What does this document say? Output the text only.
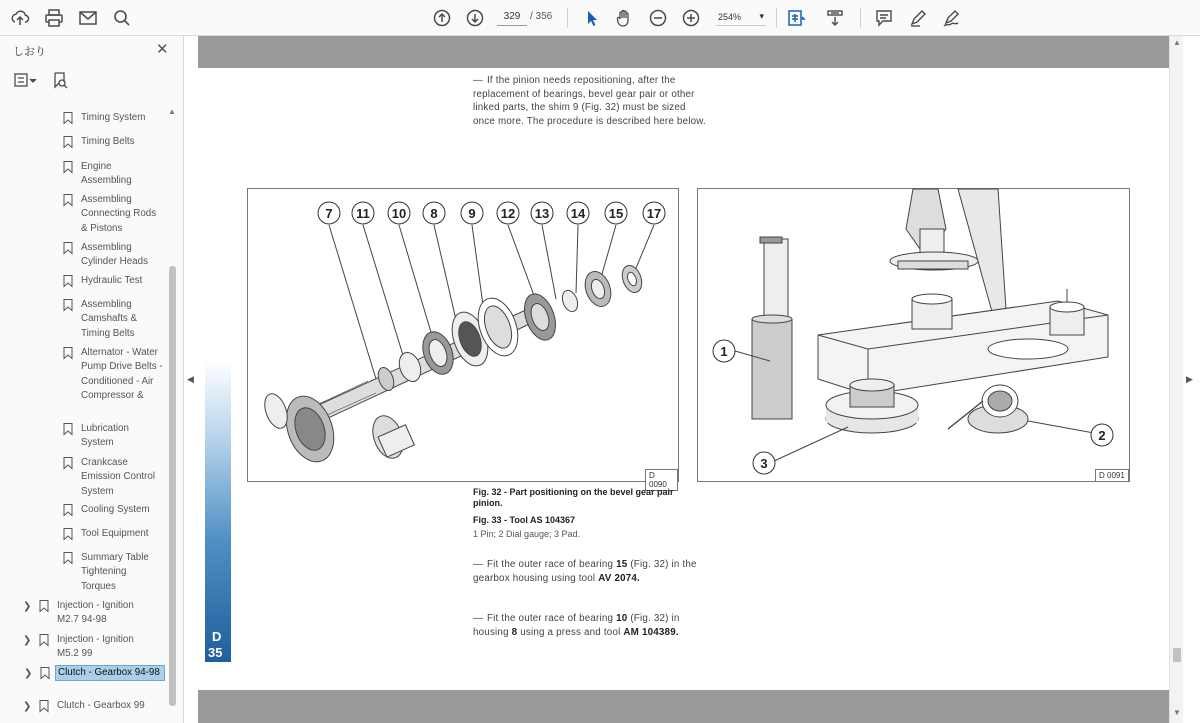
329
/ 356	254% ▾
しおり	✕
Timing System
Timing Belts
Engine Assembling
Assembling Connecting Rods & Pistons
Assembling Cylinder Heads
Hydraulic Test
Assembling Camshafts & Timing Belts
Alternator - Water Pump Drive Belts - Conditioned - Air Compressor &
Lubrication System
Crankcase Emission Control System
Cooling System
Tool Equipment
Summary Table Tightening Torques
❯	Injection - Ignition M2.7 94-98
❯	Injection - Ignition M5.2 99
❯	Clutch - Gearbox 94-98
❯	Clutch - Gearbox 99
▲
◀
▲
▼
▶
D
35
— If the pinion needs repositioning, after the replacement of bearings, bevel gear pair or other linked parts, the shim 9 (Fig. 32) must be sized once more. The procedure is described here below.
7 11 10 8 9 12 13 14 15 17
D 0090
1
2
3
D 0091
Fig. 32 - Part positioning on the bevel gear pair pinion.
Fig. 33 - Tool AS 104367
1 Pin; 2 Dial gauge; 3 Pad.
— Fit the outer race of bearing 15 (Fig. 32) in the gearbox housing using tool AV 2074.
— Fit the outer race of bearing 10 (Fig. 32) in housing 8 using a press and tool AM 104389.
